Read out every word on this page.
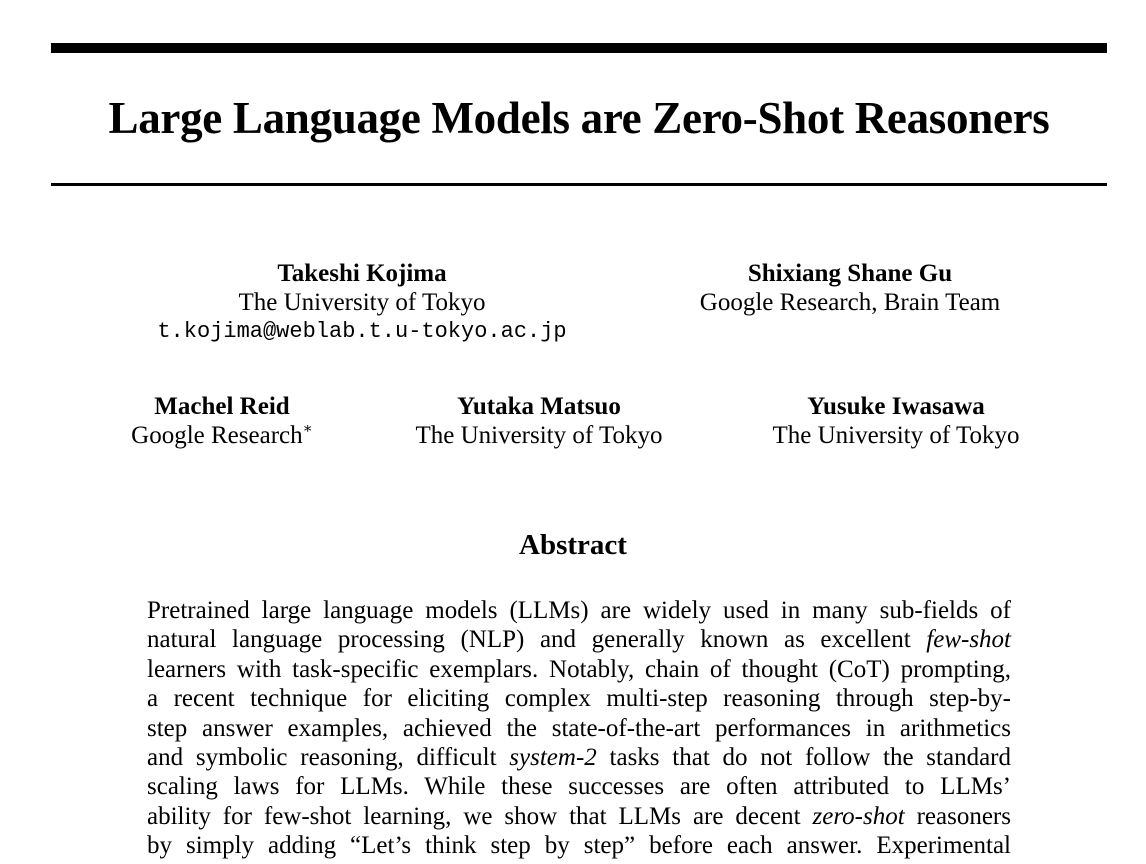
Large Language Models are Zero-Shot Reasoners
Takeshi Kojima
The University of Tokyo
t.kojima@weblab.t.u-tokyo.ac.jp
Shixiang Shane Gu
Google Research, Brain Team
Machel Reid
Google Research∗
Yutaka Matsuo
The University of Tokyo
Yusuke Iwasawa
The University of Tokyo
Abstract
Pretrained large language models (LLMs) are widely used in many sub-fields of
natural language processing (NLP) and generally known as excellent few-shot
learners with task-specific exemplars. Notably, chain of thought (CoT) prompting,
a recent technique for eliciting complex multi-step reasoning through step-by-
step answer examples, achieved the state-of-the-art performances in arithmetics
and symbolic reasoning, difficult system-2 tasks that do not follow the standard
scaling laws for LLMs. While these successes are often attributed to LLMs’
ability for few-shot learning, we show that LLMs are decent zero-shot reasoners
by simply adding “Let’s think step by step” before each answer. Experimental
